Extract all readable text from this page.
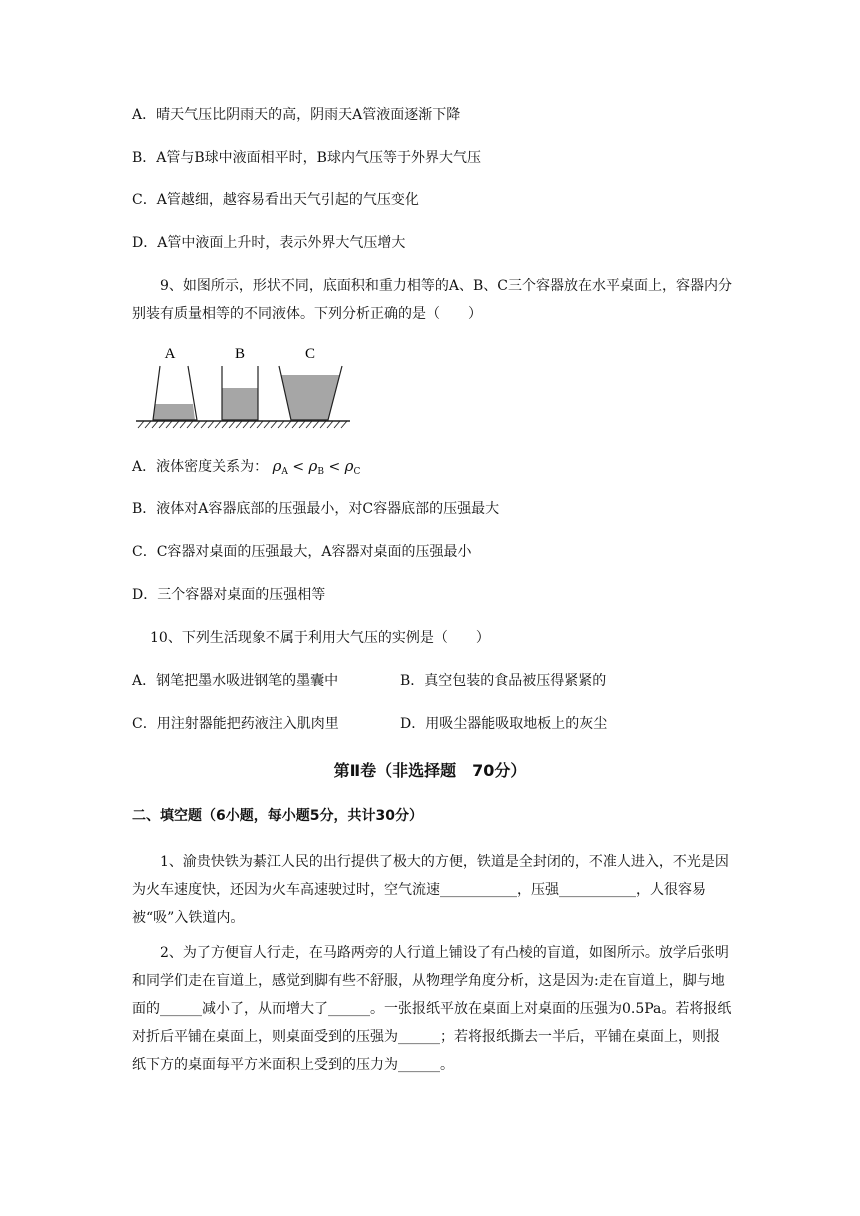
A．晴天气压比阴雨天的高，阴雨天A管液面逐渐下降
B．A管与B球中液面相平时，B球内气压等于外界大气压
C．A管越细，越容易看出天气引起的气压变化
D．A管中液面上升时，表示外界大气压增大
9、如图所示，形状不同，底面积和重力相等的A、B、C三个容器放在水平桌面上，容器内分别装有质量相等的不同液体。下列分析正确的是（　　）
A	B	C
A．液体密度关系为： $\rho_A < \rho_B < \rho_C$
B．液体对A容器底部的压强最小，对C容器底部的压强最大
C．C容器对桌面的压强最大，A容器对桌面的压强最小
D．三个容器对桌面的压强相等
10、下列生活现象不属于利用大气压的实例是（　　）
A．钢笔把墨水吸进钢笔的墨囊中	B．真空包装的食品被压得紧紧的
C．用注射器能把药液注入肌肉里	D．用吸尘器能吸取地板上的灰尘
第Ⅱ卷（非选择题　70分）
二、填空题（6小题，每小题5分，共计30分）
1、渝贵快铁为綦江人民的出行提供了极大的方便，铁道是全封闭的，不准人进入，不光是因为火车速度快，还因为火车高速驶过时，空气流速___________，压强___________，人很容易被“吸”入铁道内。
2、为了方便盲人行走，在马路两旁的人行道上铺设了有凸棱的盲道，如图所示。放学后张明和同学们走在盲道上，感觉到脚有些不舒服，从物理学角度分析，这是因为:走在盲道上，脚与地面的______减小了，从而增大了______。一张报纸平放在桌面上对桌面的压强为0.5Pa。若将报纸对折后平铺在桌面上，则桌面受到的压强为______；若将报纸撕去一半后，平铺在桌面上，则报纸下方的桌面每平方米面积上受到的压力为______。
